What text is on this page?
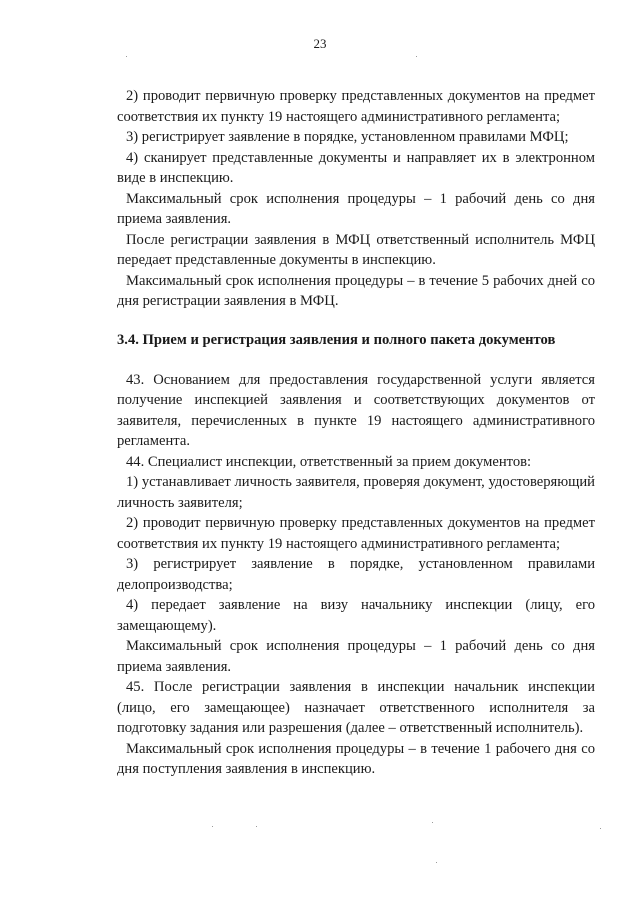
23

2) проводит первичную проверку представленных документов на предмет соответствия их пункту 19 настоящего административного регламента;

3) регистрирует заявление в порядке, установленном правилами МФЦ;

4) сканирует представленные документы и направляет их в электронном виде в инспекцию.

Максимальный срок исполнения процедуры – 1 рабочий день со дня приема заявления.

После регистрации заявления в МФЦ ответственный исполнитель МФЦ передает представленные документы в инспекцию.

Максимальный срок исполнения процедуры – в течение 5 рабочих дней со дня регистрации заявления в МФЦ.

3.4. Прием и регистрация заявления и полного пакета документов

43. Основанием для предоставления государственной услуги является получение инспекцией заявления и соответствующих документов от заявителя, перечисленных в пункте 19 настоящего административного регламента.

44. Специалист инспекции, ответственный за прием документов:

1) устанавливает личность заявителя, проверяя документ, удостоверяющий личность заявителя;

2) проводит первичную проверку представленных документов на предмет соответствия их пункту 19 настоящего административного регламента;

3) регистрирует заявление в порядке, установленном правилами делопроизводства;

4) передает заявление на визу начальнику инспекции (лицу, его замещающему).

Максимальный срок исполнения процедуры – 1 рабочий день со дня приема заявления.

45. После регистрации заявления в инспекции начальник инспекции (лицо, его замещающее) назначает ответственного исполнителя за подготовку задания или разрешения (далее – ответственный исполнитель).

Максимальный срок исполнения процедуры – в течение 1 рабочего дня со дня поступления заявления в инспекцию.
